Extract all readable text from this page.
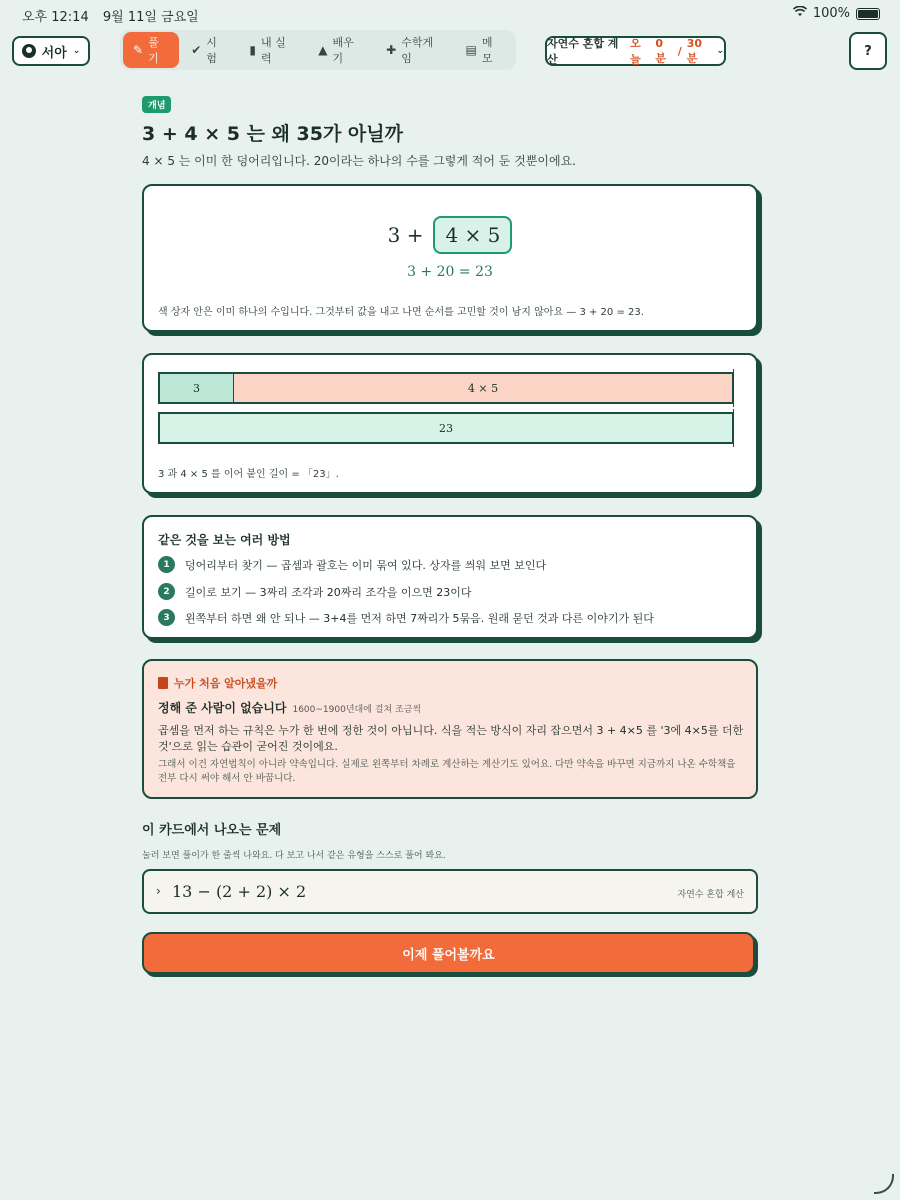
오후 12:14 9월 11일 금요일	100%
서아 ⌄	✎
풀기
✔
시험
▮
내 실력
▲
배우기
✚
수학게임
▤
메모
자연수 혼합 계산
오늘
0분
/
30분
⌄	?
개념
3 + 4 × 5 는 왜 35가 아닐까
4 × 5 는 이미 한 덩어리입니다. 20이라는 하나의 수를 그렇게 적어 둔 것뿐이에요.
3 +	4 × 5
3 + 20 = 23
색 상자 안은 이미 하나의 수입니다. 그것부터 값을 내고 나면 순서를 고민할 것이 남지 않아요 — 3 + 20 = 23.
3	4 × 5
23
3 과 4 × 5 를 이어 붙인 길이 = 「23」.
같은 것을 보는 여러 방법
1	덩어리부터 찾기 — 곱셈과 괄호는 이미 묶여 있다. 상자를 씌워 보면 보인다
2	길이로 보기 — 3짜리 조각과 20짜리 조각을 이으면 23이다
3	왼쪽부터 하면 왜 안 되나 — 3+4를 먼저 하면 7짜리가 5묶음. 원래 묻던 것과 다른 이야기가 된다
누가 처음 알아냈을까
정해 준 사람이 없습니다 1600~1900년대에 걸쳐 조금씩
곱셈을 먼저 하는 규칙은 누가 한 번에 정한 것이 아닙니다. 식을 적는 방식이 자리 잡으면서 3 + 4×5 를 '3에 4×5를 더한 것'으로 읽는 습관이 굳어진 것이에요.
그래서 이건 자연법칙이 아니라 약속입니다. 실제로 왼쪽부터 차례로 계산하는 계산기도 있어요. 다만 약속을 바꾸면 지금까지 나온 수학책을 전부 다시 써야 해서 안 바꿉니다.
이 카드에서 나오는 문제
눌러 보면 풀이가 한 줄씩 나와요. 다 보고 나서 같은 유형을 스스로 풀어 봐요.
› 13 − (2 + 2) × 2	자연수 혼합 계산
이제 풀어볼까요
